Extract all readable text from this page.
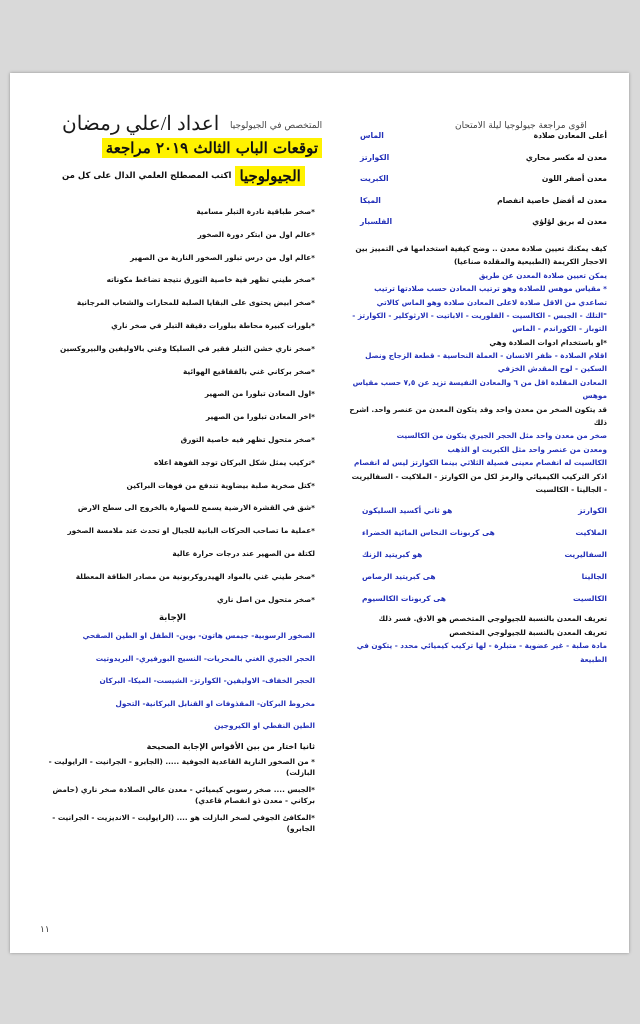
اقوى مراجعة جيولوجيا ليلة الامتحان
المتخصص في الجيولوجيا
اعداد ا/علي رمضان
توقعات الباب الثالث ٢٠١٩ مراجعة
الجيولوجيا
اكتب المصطلح العلمي الدال على كل من
أعلى المعادن صلادة
الماس
معدن له مكسر محاري
الكوارتز
معدن أصفر اللون
الكبريت
معدن له أفضل خاصية انفصام
الميكا
معدن له بريق لؤلؤي
الفلسبار
كيف يمكنك تعيين صلادة معدن .. وضح كيفية استخدامها في التمييز بين
الاحجار الكريمة (الطبيعية والمقلدة صناعيا)
يمكن تعيين صلادة المعدن عن طريق
* مقياس موهس للصلادة وهو ترتيب المعادن حسب صلادتها ترتيب
تصاعدي من الاقل صلادة لاعلى المعادن صلادة وهو الماس كالاتي
"التلك - الجبس - الكالسيت - الفلوريت - الاباتيت - الارثوكلير - الكوارتز -
التوباز - الكوراندم - الماس
*او باستخدام ادوات الصلادة وهي
اقلام الصلادة - ظفر الانسان - العملة النحاسية - قطعة الزجاج ونصل
السكين - لوح المقدش الخزفي
المعادن المقلدة اقل من ٦ والمعادن النفيسة تزيد عن ٧,٥ حسب مقياس
موهس
قد يتكون الصخر من معدن واحد وقد يتكون المعدن من عنصر واحد. اشرح
ذلك
صخر من معدن واحد مثل الحجر الجيري يتكون من الكالسيت
ومعدن من عنصر واحد مثل الكبريت او الذهب
الكالسيت له انفصام معينى فصيلة الثلاثي بينما الكوارتز ليس له انفصام
أذكر التركيب الكيميائي والرمز لكل من الكوارتز - الملاكيت - السفاليريت
- الجالينا - الكالسيت
الكوارتز
هو ثاني أكسيد السليكون
الملاكيت
هى كربونات النحاس المائية الخضراء
السفاليريت
هو كبريتيد الزنك
الجالينا
هى كبريتيد الرصاص
الكالسيت
هى كربونات الكالسيوم
تعريف المعدن بالنسبة للجيولوجي المتخصص هو الأدق. فسر ذلك
تعريف المعدن بالنسبة للجيولوجي المتخصص
مادة صلبة - غير عضوية - متبلرة - لها تركيب كيميائي محدد - يتكون في
الطبيعة
*صخر طباقية نادرة التبلر مسامية
*عالم اول من ابتكر دورة الصخور
*عالم اول من درس تبلور الصخور النارية من الصهير
*صخر طيني تظهر فية خاصية التورق نتيجة تضاغط مكوناته
*صخر ابيض يحتوى على البقايا الصلبة للمحارات والشعاب المرجانية
*بلورات كبيرة محاطة ببلورات دقيقة التبلر في صخر ناري
*صخر ناري خشن التبلر فقير في السليكا وغني بالاوليفين والبيروكسين
*صخر بركاني غني بالفقاقيع الهوائية
*اول المعادن تبلورا من الصهير
*اخر المعادن تبلورا من الصهير
*صخر متحول تظهر فيه خاصية التورق
*تركيب يمثل شكل البركان توجد الفوهة اعلاه
*كتل صخرية صلبة بيضاوية تندفع من فوهات البراكين
*شق في القشرة الارضية يسمح للصهارة بالخروج الى سطح الارض
*عملية ما تصاحب الحركات البانية للجبال او تحدث عند ملامسة الصخور
لكتلة من الصهير عند درجات حرارة عالية
*صخر طيني غني بالمواد الهيدروكربونية من مصادر الطاقة المعطلة
*صخر متحول من اصل ناري
الإجابة
الصخور الرسوبية- جيمس هاتون- بوين- الطفل او الطين الصفحي
الحجر الجيري الغني بالمحريات- النسيج البورفيري- البريدوتيت
الحجر الخفاف- الاوليفين- الكوارتز- الشيست- الميكا- البركان
مخروط البركان- المقذوفات او القنابل البركانية- التحول
الطين النفطي او الكيروجين
ثانيا اختار من بين الأقواس الإجابة الصحيحة
* من الصخور النارية القاعدية الجوفية ..... (الجابرو - الجرانيت - الرايوليت - البازلت)
*الجبس .... صخر رسوبي كيميائي - معدن عالي الصلادة صخر ناري (حامض بركاني - معدن ذو انفصام قاعدي)
*المكافئ الجوفي لصخر البازلت هو .... (الرايوليت - الانديزيت - الجرانيت - الجابرو)
١١
